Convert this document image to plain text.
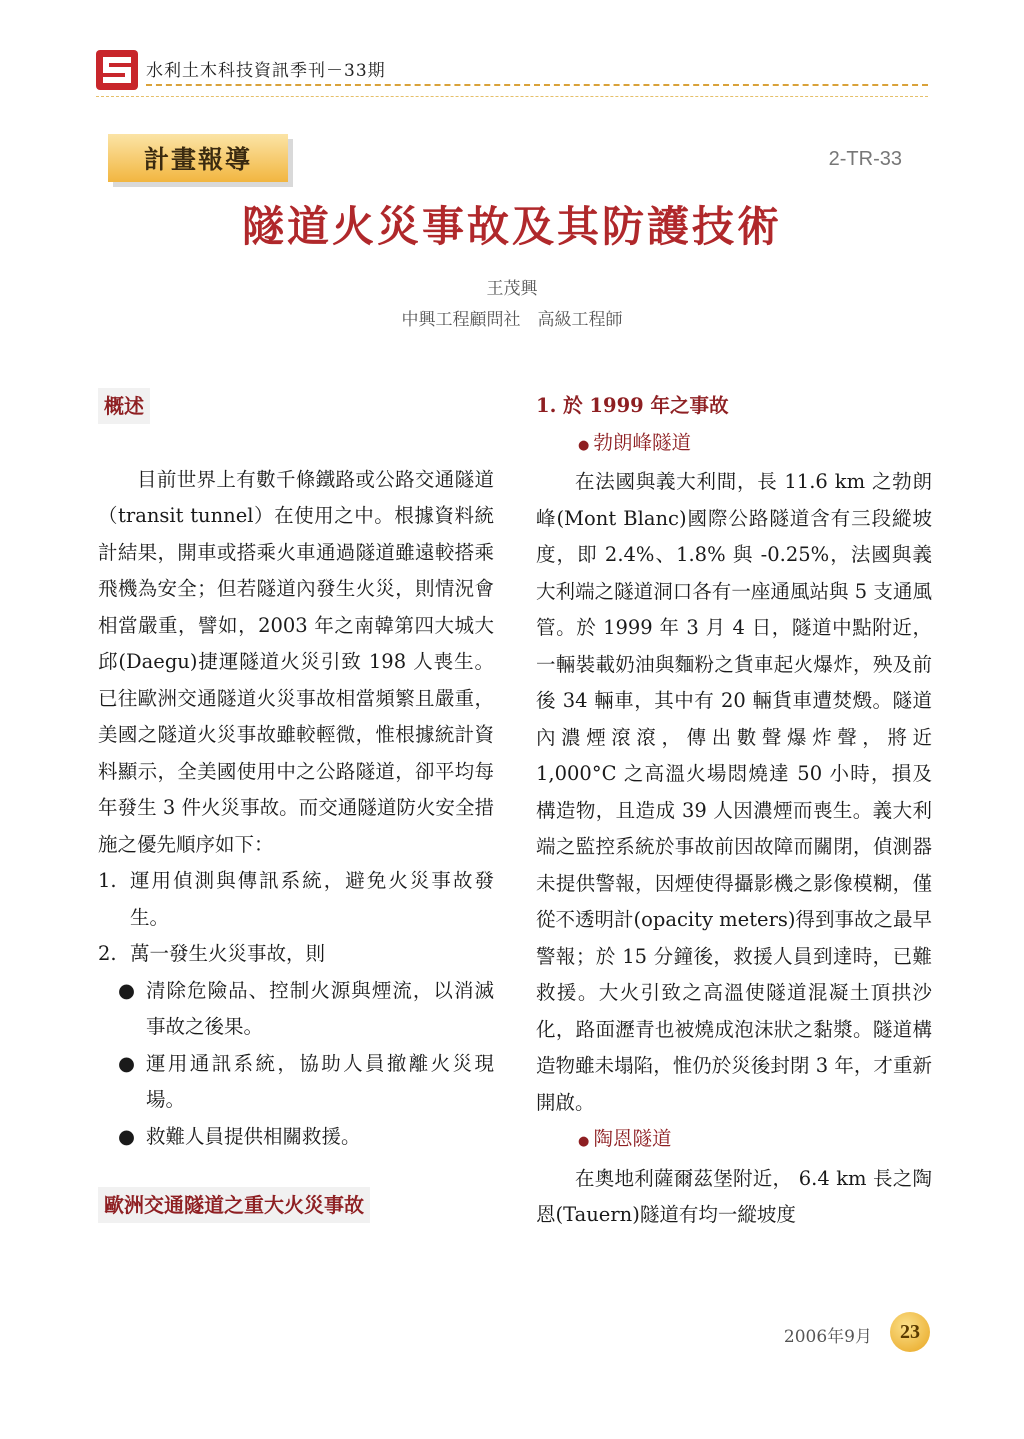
水利土木科技資訊季刊－33期
計畫報導	2-TR-33
隧道火災事故及其防護技術
王茂興
中興工程顧問社　高級工程師
概述

目前世界上有數千條鐵路或公路交通隧道（transit tunnel）在使用之中。根據資料統計結果，開車或搭乘火車通過隧道雖遠較搭乘飛機為安全；但若隧道內發生火災，則情況會相當嚴重，譬如，2003 年之南韓第四大城大邱(Daegu)捷運隧道火災引致 198 人喪生。已往歐洲交通隧道火災事故相當頻繁且嚴重，美國之隧道火災事故雖較輕微，惟根據統計資料顯示，全美國使用中之公路隧道，卻平均每年發生 3 件火災事故。而交通隧道防火安全措施之優先順序如下：

1. 運用偵測與傳訊系統，避免火災事故發生。
2. 萬一發生火災事故，則
● 清除危險品、控制火源與煙流，以消滅事故之後果。
● 運用通訊系統，協助人員撤離火災現場。
● 救難人員提供相關救援。
歐洲交通隧道之重大火災事故
1. 於 1999 年之事故
● 勃朗峰隧道

在法國與義大利間，長 11.6 km 之勃朗峰(Mont Blanc)國際公路隧道含有三段縱坡度，即 2.4%、1.8% 與 -0.25%，法國與義大利端之隧道洞口各有一座通風站與 5 支通風管。於 1999 年 3 月 4 日，隧道中點附近，一輛裝載奶油與麵粉之貨車起火爆炸，殃及前後 34 輛車，其中有 20 輛貨車遭焚燬。隧道內濃煙滾滾，傳出數聲爆炸聲，將近 1,000°C 之高溫火場悶燒達 50 小時，損及構造物，且造成 39 人因濃煙而喪生。義大利端之監控系統於事故前因故障而關閉，偵測器未提供警報，因煙使得攝影機之影像模糊，僅從不透明計(opacity meters)得到事故之最早警報；於 15 分鐘後，救援人員到達時，已難救援。大火引致之高溫使隧道混凝土頂拱沙化，路面瀝青也被燒成泡沫狀之黏漿。隧道構造物雖未塌陷，惟仍於災後封閉 3 年，才重新開啟。

● 陶恩隧道

在奧地利薩爾茲堡附近， 6.4 km 長之陶恩(Tauern)隧道有均一縱坡度

2006年9月	23
